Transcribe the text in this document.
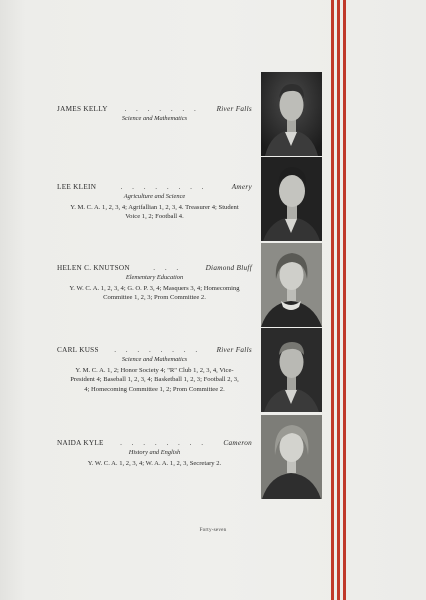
JAMES KELLY	. . . . . . .	River Falls
Science and Mathematics
LEE KLEIN	. . . . . . . .	Amery
Agriculture and Science
Y. M. C. A. 1, 2, 3, 4; Agrifallian 1, 2, 3, 4. Treasurer 4; Student Voice 1, 2; Football 4.
HELEN C. KNUTSON	. . .	Diamond Bluff
Elementary Education
Y. W. C. A. 1, 2, 3, 4; G. O. P. 3, 4; Masquers 3, 4; Homecoming Committee 1, 2, 3; Prom Committee 2.
CARL KUSS	. . . . . . . .	River Falls
Science and Mathematics
Y. M. C. A. 1, 2; Honor Society 4; "R" Club 1, 2, 3, 4, Vice-President 4; Baseball 1, 2, 3, 4; Basketball 1, 2, 3; Football 2, 3, 4; Homecoming Committee 1, 2; Prom Committee 2.
NAIDA KYLE	. . . . . . . .	Cameron
History and English
Y. W. C. A. 1, 2, 3, 4; W. A. A. 1, 2, 3, Secretary 2.
Forty-seven
